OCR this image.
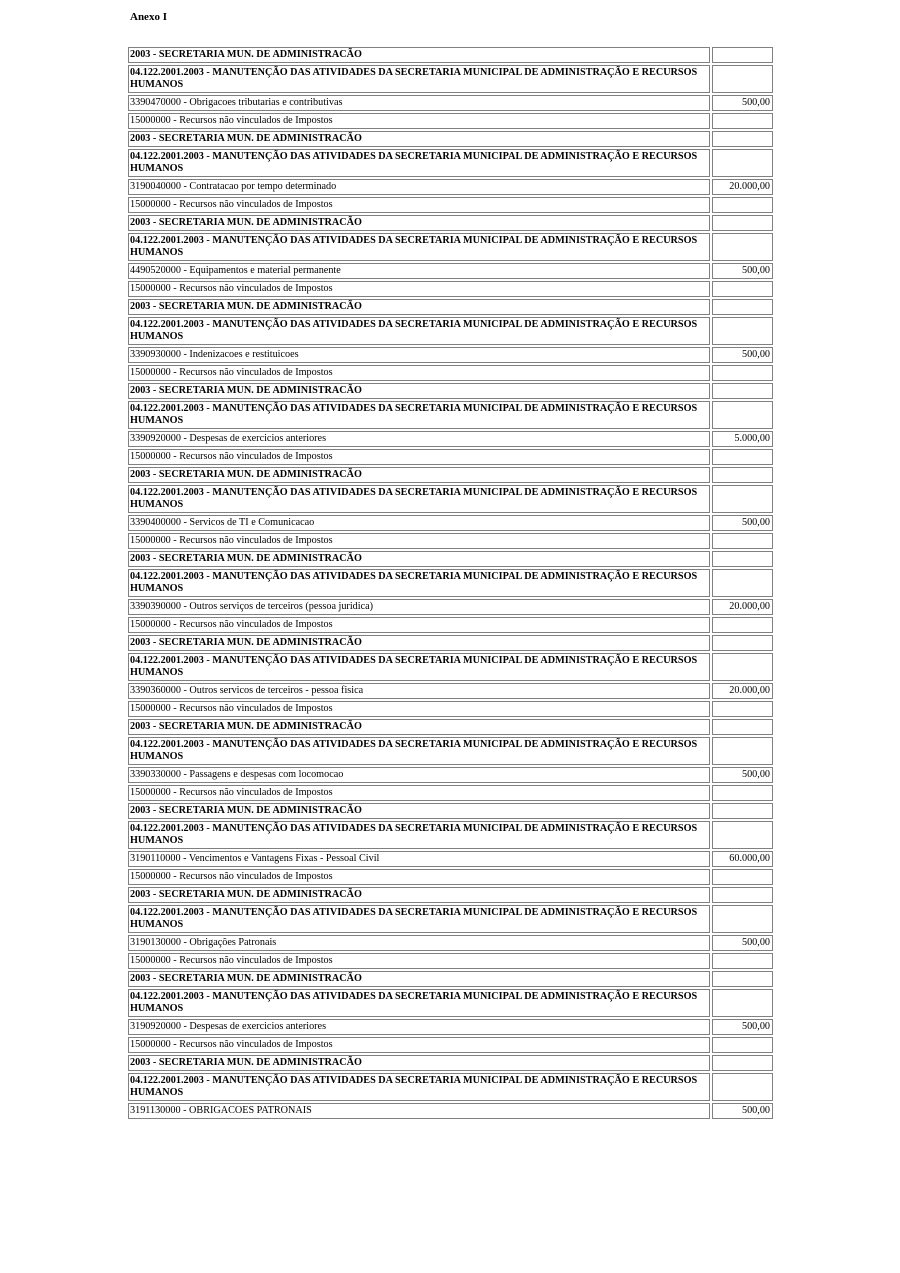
Anexo I
2003 - SECRETARIA MUN. DE ADMINISTRACÃO	
04.122.2001.2003 - MANUTENÇÃO DAS ATIVIDADES DA SECRETARIA MUNICIPAL DE ADMINISTRAÇÃO E RECURSOS HUMANOS	
3390470000 - Obrigacoes tributarias e contributivas	500,00
15000000 - Recursos não vinculados de Impostos	
2003 - SECRETARIA MUN. DE ADMINISTRACÃO	
04.122.2001.2003 - MANUTENÇÃO DAS ATIVIDADES DA SECRETARIA MUNICIPAL DE ADMINISTRAÇÃO E RECURSOS HUMANOS	
3190040000 - Contratacao por tempo determinado	20.000,00
15000000 - Recursos não vinculados de Impostos	
2003 - SECRETARIA MUN. DE ADMINISTRACÃO	
04.122.2001.2003 - MANUTENÇÃO DAS ATIVIDADES DA SECRETARIA MUNICIPAL DE ADMINISTRAÇÃO E RECURSOS HUMANOS	
4490520000 - Equipamentos e material permanente	500,00
15000000 - Recursos não vinculados de Impostos	
2003 - SECRETARIA MUN. DE ADMINISTRACÃO	
04.122.2001.2003 - MANUTENÇÃO DAS ATIVIDADES DA SECRETARIA MUNICIPAL DE ADMINISTRAÇÃO E RECURSOS HUMANOS	
3390930000 - Indenizacoes e restituicoes	500,00
15000000 - Recursos não vinculados de Impostos	
2003 - SECRETARIA MUN. DE ADMINISTRACÃO	
04.122.2001.2003 - MANUTENÇÃO DAS ATIVIDADES DA SECRETARIA MUNICIPAL DE ADMINISTRAÇÃO E RECURSOS HUMANOS	
3390920000 - Despesas de exercicios anteriores	5.000,00
15000000 - Recursos não vinculados de Impostos	
2003 - SECRETARIA MUN. DE ADMINISTRACÃO	
04.122.2001.2003 - MANUTENÇÃO DAS ATIVIDADES DA SECRETARIA MUNICIPAL DE ADMINISTRAÇÃO E RECURSOS HUMANOS	
3390400000 - Servicos de TI e Comunicacao	500,00
15000000 - Recursos não vinculados de Impostos	
2003 - SECRETARIA MUN. DE ADMINISTRACÃO	
04.122.2001.2003 - MANUTENÇÃO DAS ATIVIDADES DA SECRETARIA MUNICIPAL DE ADMINISTRAÇÃO E RECURSOS HUMANOS	
3390390000 - Outros serviços de terceiros (pessoa juridica)	20.000,00
15000000 - Recursos não vinculados de Impostos	
2003 - SECRETARIA MUN. DE ADMINISTRACÃO	
04.122.2001.2003 - MANUTENÇÃO DAS ATIVIDADES DA SECRETARIA MUNICIPAL DE ADMINISTRAÇÃO E RECURSOS HUMANOS	
3390360000 - Outros servicos de terceiros - pessoa fisica	20.000,00
15000000 - Recursos não vinculados de Impostos	
2003 - SECRETARIA MUN. DE ADMINISTRACÃO	
04.122.2001.2003 - MANUTENÇÃO DAS ATIVIDADES DA SECRETARIA MUNICIPAL DE ADMINISTRAÇÃO E RECURSOS HUMANOS	
3390330000 - Passagens e despesas com locomocao	500,00
15000000 - Recursos não vinculados de Impostos	
2003 - SECRETARIA MUN. DE ADMINISTRACÃO	
04.122.2001.2003 - MANUTENÇÃO DAS ATIVIDADES DA SECRETARIA MUNICIPAL DE ADMINISTRAÇÃO E RECURSOS HUMANOS	
3190110000 - Vencimentos e Vantagens Fixas - Pessoal Civil	60.000,00
15000000 - Recursos não vinculados de Impostos	
2003 - SECRETARIA MUN. DE ADMINISTRACÃO	
04.122.2001.2003 - MANUTENÇÃO DAS ATIVIDADES DA SECRETARIA MUNICIPAL DE ADMINISTRAÇÃO E RECURSOS HUMANOS	
3190130000 - Obrigações Patronais	500,00
15000000 - Recursos não vinculados de Impostos	
2003 - SECRETARIA MUN. DE ADMINISTRACÃO	
04.122.2001.2003 - MANUTENÇÃO DAS ATIVIDADES DA SECRETARIA MUNICIPAL DE ADMINISTRAÇÃO E RECURSOS HUMANOS	
3190920000 - Despesas de exercicios anteriores	500,00
15000000 - Recursos não vinculados de Impostos	
2003 - SECRETARIA MUN. DE ADMINISTRACÃO	
04.122.2001.2003 - MANUTENÇÃO DAS ATIVIDADES DA SECRETARIA MUNICIPAL DE ADMINISTRAÇÃO E RECURSOS HUMANOS	
3191130000 - OBRIGACOES PATRONAIS	500,00
